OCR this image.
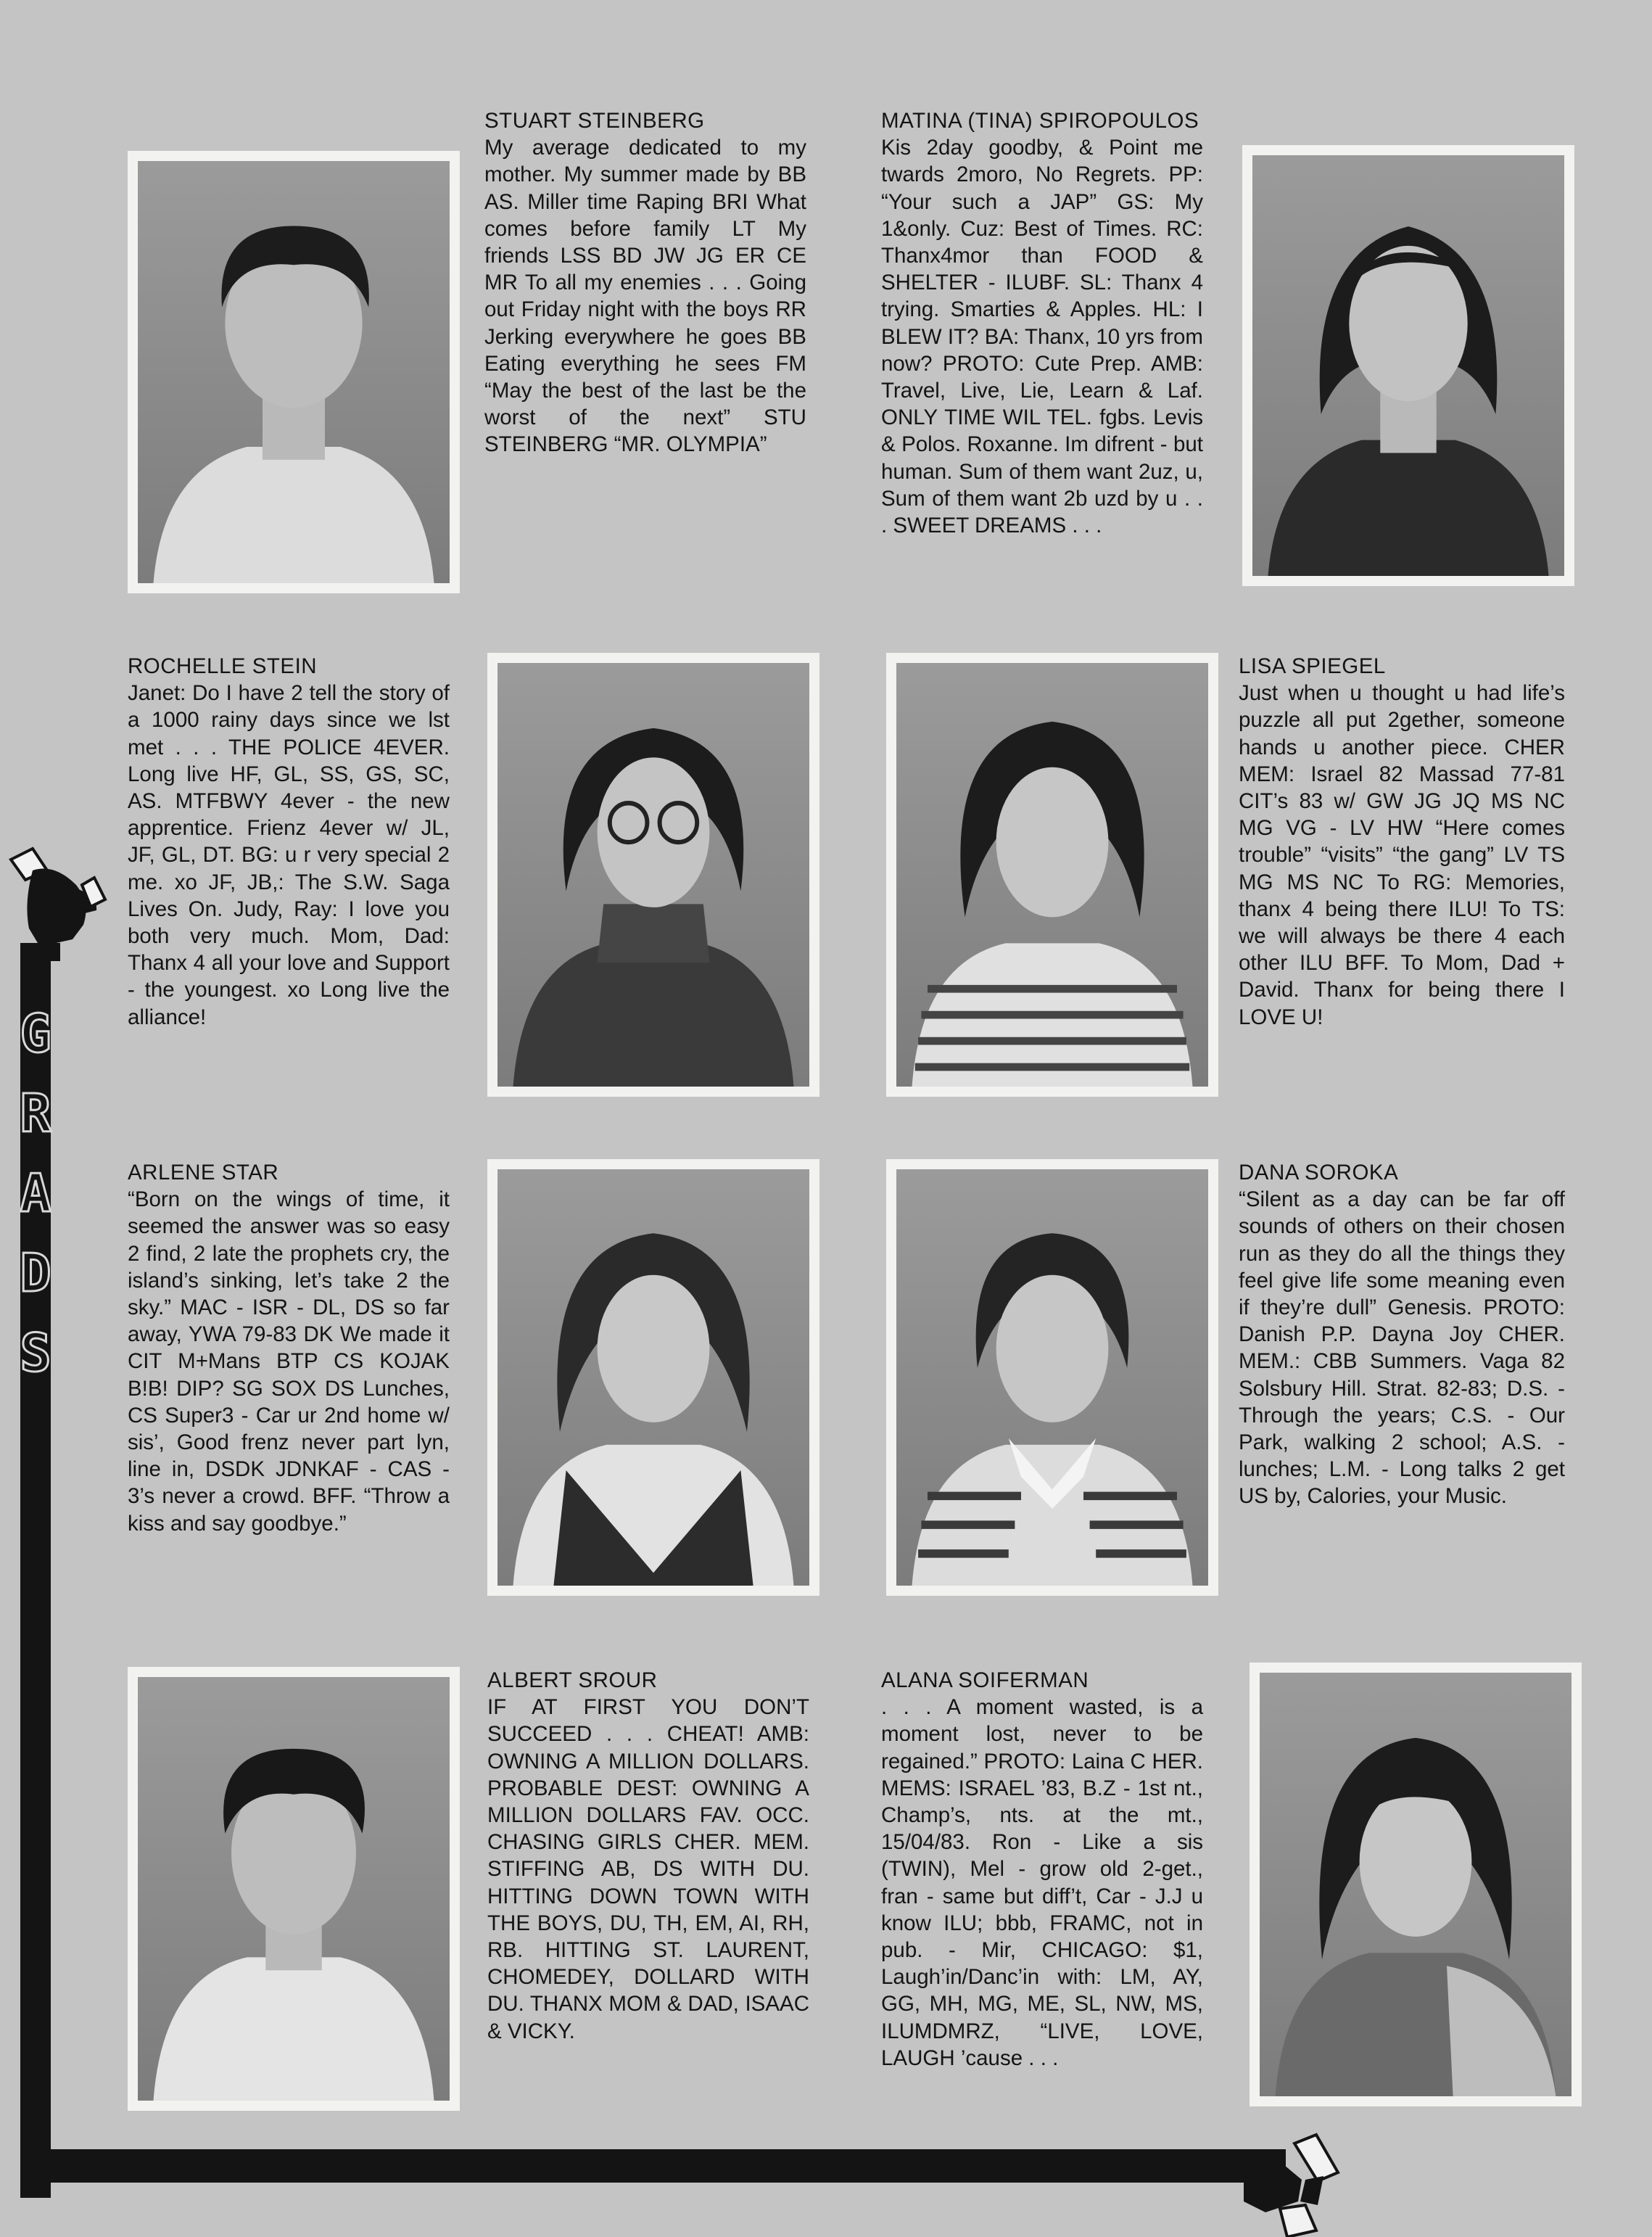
G
R
A
D
S
STUART STEINBERG
My average dedicated to my mother. My summer made by BB AS. Miller time Raping BRI What comes before family LT My friends LSS BD JW JG ER CE MR To all my enemies . . . Going out Friday night with the boys RR Jerking everywhere he goes BB Eating everything he sees FM “May the best of the last be the worst of the next” STU STEINBERG “MR. OLYMPIA”
MATINA (TINA) SPIROPOULOS
Kis 2day goodby, & Point me twards 2moro, No Regrets. PP: “Your such a JAP” GS: My 1&only. Cuz: Best of Times. RC: Thanx4mor than FOOD & SHELTER - ILUBF. SL: Thanx 4 trying. Smarties & Apples. HL: I BLEW IT? BA: Thanx, 10 yrs from now? PROTO: Cute Prep. AMB: Travel, Live, Lie, Learn & Laf. ONLY TIME WIL TEL. fgbs. Levis & Polos. Roxanne. Im difrent - but human. Sum of them want 2uz, u, Sum of them want 2b uzd by u . . . SWEET DREAMS . . .
ROCHELLE STEIN
Janet: Do I have 2 tell the story of a 1000 rainy days since we lst met . . . THE POLICE 4EVER. Long live HF, GL, SS, GS, SC, AS. MTFBWY 4ever - the new apprentice. Frienz 4ever w/ JL, JF, GL, DT. BG: u r very special 2 me. xo JF, JB,: The S.W. Saga Lives On. Judy, Ray: I love you both very much. Mom, Dad: Thanx 4 all your love and Support - the youngest. xo Long live the alliance!
LISA SPIEGEL
Just when u thought u had life’s puzzle all put 2gether, someone hands u another piece. CHER MEM: Israel 82 Massad 77-81 CIT’s 83 w/ GW JG JQ MS NC MG VG - LV HW “Here comes trouble” “visits” “the gang” LV TS MG MS NC To RG: Memories, thanx 4 being there ILU! To TS: we will always be there 4 each other ILU BFF. To Mom, Dad + David. Thanx for being there I LOVE U!
ARLENE STAR
“Born on the wings of time, it seemed the answer was so easy 2 find, 2 late the prophets cry, the island’s sinking, let’s take 2 the sky.” MAC - ISR - DL, DS so far away, YWA 79-83 DK We made it CIT M+Mans BTP CS KOJAK B!B! DIP? SG SOX DS Lunches, CS Super3 - Car ur 2nd home w/ sis’, Good frenz never part lyn, line in, DSDK JDNKAF - CAS - 3’s never a crowd. BFF. “Throw a kiss and say goodbye.”
DANA SOROKA
“Silent as a day can be far off sounds of others on their chosen run as they do all the things they feel give life some meaning even if they’re dull” Genesis. PROTO: Danish P.P. Dayna Joy CHER. MEM.: CBB Summers. Vaga 82 Solsbury Hill. Strat. 82-83; D.S. - Through the years; C.S. - Our Park, walking 2 school; A.S. - lunches; L.M. - Long talks 2 get US by, Calories, your Music.
ALBERT SROUR
IF AT FIRST YOU DON’T SUCCEED . . . CHEAT! AMB: OWNING A MILLION DOLLARS. PROBABLE DEST: OWNING A MILLION DOLLARS FAV. OCC. CHASING GIRLS CHER. MEM. STIFFING AB, DS WITH DU. HITTING DOWN TOWN WITH THE BOYS, DU, TH, EM, AI, RH, RB. HITTING ST. LAURENT, CHOMEDEY, DOLLARD WITH DU. THANX MOM & DAD, ISAAC & VICKY.
ALANA SOIFERMAN
. . . A moment wasted, is a moment lost, never to be regained.” PROTO: Laina C HER. MEMS: ISRAEL ’83, B.Z - 1st nt., Champ’s, nts. at the mt., 15/04/83. Ron - Like a sis (TWIN), Mel - grow old 2-get., fran - same but diff’t, Car - J.J u know ILU; bbb, FRAMC, not in pub. - Mir, CHICAGO: $1, Laugh’in/Danc’in with: LM, AY, GG, MH, MG, ME, SL, NW, MS, ILUMDMRZ, “LIVE, LOVE, LAUGH ’cause . . .
